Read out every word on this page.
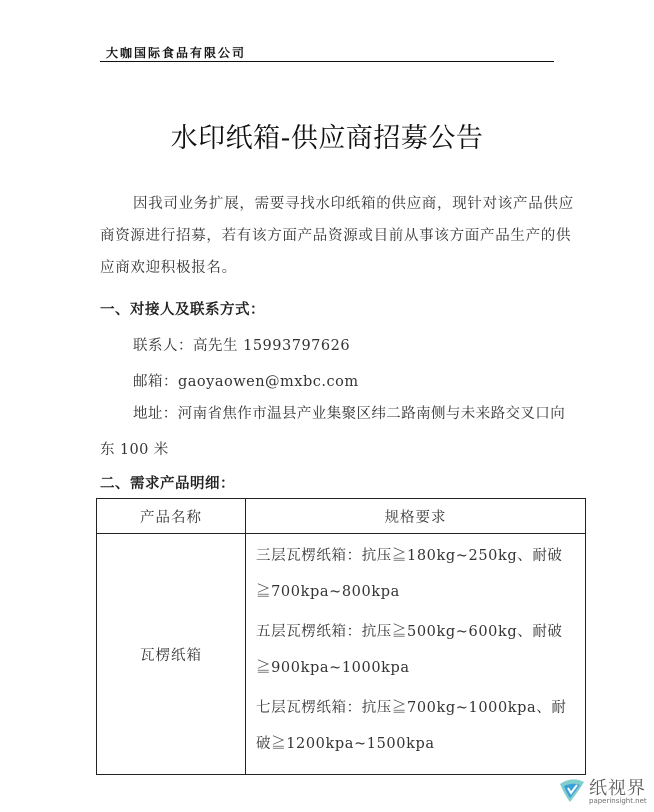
大咖国际食品有限公司
水印纸箱-供应商招募公告
因我司业务扩展，需要寻找水印纸箱的供应商，现针对该产品供应商资源进行招募，若有该方面产品资源或目前从事该方面产品生产的供应商欢迎积极报名。
一、对接人及联系方式：
联系人：高先生 15993797626
邮箱：gaoyaowen@mxbc.com
地址：河南省焦作市温县产业集聚区纬二路南侧与未来路交叉口向东 100 米
二、需求产品明细：
产品名称	规格要求
瓦楞纸箱	三层瓦楞纸箱：抗压≧180kg~250kg、耐破≧700kpa~800kpa
五层瓦楞纸箱：抗压≧500kg~600kg、耐破≧900kpa~1000kpa
七层瓦楞纸箱：抗压≧700kg~1000kpa、耐破≧1200kpa~1500kpa
纸视界
paperinsight.net
